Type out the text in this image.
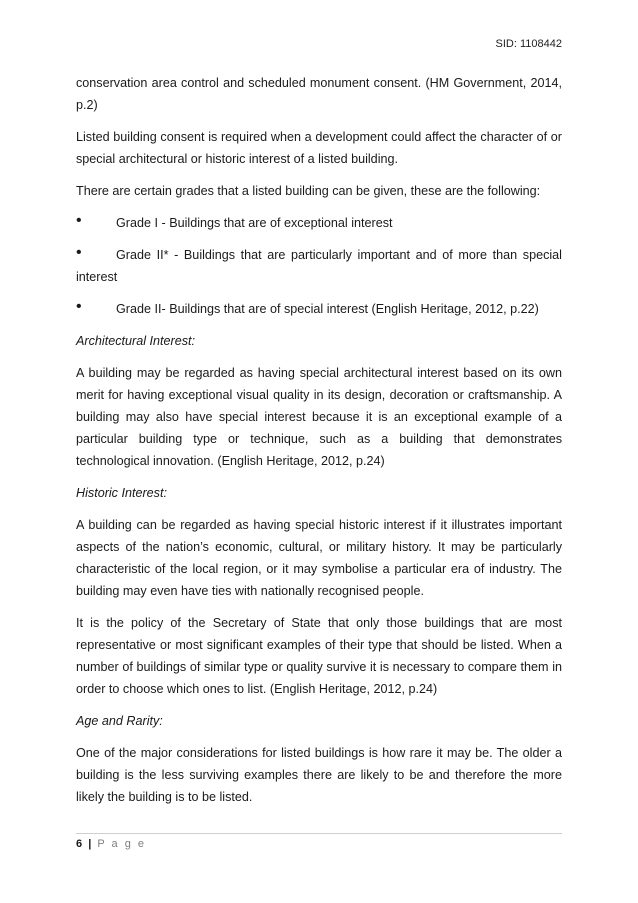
SID: 1108442

conservation area control and scheduled monument consent. (HM Government, 2014, p.2)

Listed building consent is required when a development could affect the character of or special architectural or historic interest of a listed building.

There are certain grades that a listed building can be given, these are the following:

•	Grade I - Buildings that are of exceptional interest

•	Grade II* - Buildings that are particularly important and of more than special

interest

•	Grade II- Buildings that are of special interest (English Heritage, 2012, p.22)

Architectural Interest:

A building may be regarded as having special architectural interest based on its own merit for having exceptional visual quality in its design, decoration or craftsmanship. A building may also have special interest because it is an exceptional example of a particular building type or technique, such as a building that demonstrates technological innovation. (English Heritage, 2012, p.24)

Historic Interest:

A building can be regarded as having special historic interest if it illustrates important aspects of the nation’s economic, cultural, or military history. It may be particularly characteristic of the local region, or it may symbolise a particular era of industry. The building may even have ties with nationally recognised people.

It is the policy of the Secretary of State that only those buildings that are most representative or most significant examples of their type that should be listed. When a number of buildings of similar type or quality survive it is necessary to compare them in order to choose which ones to list. (English Heritage, 2012, p.24)

Age and Rarity:

One of the major considerations for listed buildings is how rare it may be. The older a building is the less surviving examples there are likely to be and therefore the more likely the building is to be listed.

6 | P a g e
